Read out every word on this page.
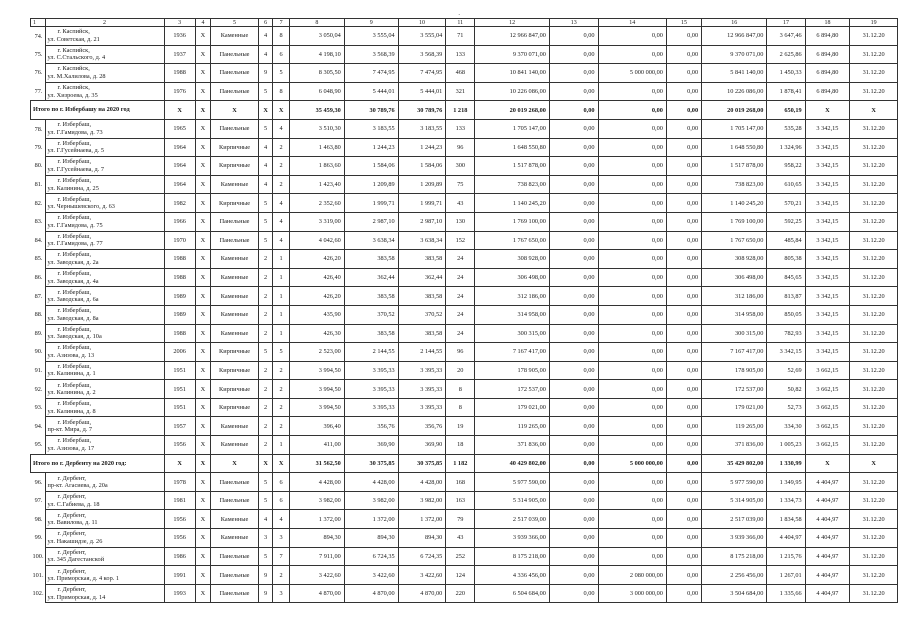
·
1	2	3	4	5	6	7	8	9	10	11	12	13	14	15	16	17	18	19
74.	г. Каспийск,
ул. Советская, д. 21	1936	X	Каменные	4	8	3 050,04	3 555,04	3 555,04	71	12 966 847,00	0,00	0,00	0,00	12 966 847,00	3 647,46	6 894,80	31.12.20
75.	г. Каспийск,
ул. С.Стальского, д. 4	1937	X	Панельные	4	6	4 198,10	3 568,39	3 568,39	133	9 370 071,00	0,00	0,00	0,00	9 370 071,00	2 625,86	6 894,80	31.12.20
76.	г. Каспийск,
ул. М.Халилова, д. 28	1988	X	Панельные	9	5	8 305,50	7 474,95	7 474,95	468	10 841 140,00	0,00	5 000 000,00	0,00	5 841 140,00	1 450,33	6 894,80	31.12.20
77.	г. Каспийск,
ул. Хизроева, д. 35	1976	X	Панельные	5	8	6 048,90	5 444,01	5 444,01	321	10 226 086,00	0,00	0,00	0,00	10 226 086,00	1 878,41	6 894,80	31.12.20
Итого по г. Избербашу на 2020 год		X	X	X	X	X	35 459,30	30 789,76	30 789,76	1 218	20 019 268,00	0,00	0,00	0,00	20 019 268,00	650,19	X	X
78.	г. Избербаш,
ул. Г.Гамидова, д. 73	1965	X	Панельные	5	4	3 510,30	3 183,55	3 183,55	133	1 705 147,00	0,00	0,00	0,00	1 705 147,00	535,28	3 342,15	31.12.20
79.	г. Избербаш,
ул. Г.Гусейнаева, д. 5	1964	X	Кирпичные	4	2	1 463,80	1 244,23	1 244,23	96	1 648 550,80	0,00	0,00	0,00	1 648 550,80	1 324,96	3 342,15	31.12.20
80.	г. Избербаш,
ул. Г.Гусейнаева, д. 7	1964	X	Кирпичные	4	2	1 863,60	1 584,06	1 584,06	300	1 517 878,00	0,00	0,00	0,00	1 517 878,00	958,22	3 342,15	31.12.20
81.	г. Избербаш,
ул. Калинина, д. 25	1964	X	Каменные	4	2	1 423,40	1 209,89	1 209,89	75	738 823,00	0,00	0,00	0,00	738 823,00	610,65	3 342,15	31.12.20
82.	г. Избербаш,
ул. Чернышевского, д. 63	1982	X	Кирпичные	5	4	2 352,60	1 999,71	1 999,71	43	1 140 245,20	0,00	0,00	0,00	1 140 245,20	570,21	3 342,15	31.12.20
83.	г. Избербаш,
ул. Г.Гамидова, д. 75	1966	X	Панельные	5	4	3 319,00	2 987,10	2 987,10	130	1 769 100,00	0,00	0,00	0,00	1 769 100,00	592,25	3 342,15	31.12.20
84.	г. Избербаш,
ул. Г.Гамидова, д. 77	1970	X	Панельные	5	4	4 042,60	3 638,34	3 638,34	152	1 767 650,00	0,00	0,00	0,00	1 767 650,00	485,84	3 342,15	31.12.20
85.	г. Избербаш,
ул. Заводская, д. 2а	1988	X	Каменные	2	1	426,20	383,58	383,58	24	308 928,00	0,00	0,00	0,00	308 928,00	805,38	3 342,15	31.12.20
86.	г. Избербаш,
ул. Заводская, д. 4а	1988	X	Каменные	2	1	426,40	362,44	362,44	24	306 498,00	0,00	0,00	0,00	306 498,00	845,65	3 342,15	31.12.20
87.	г. Избербаш,
ул. Заводская, д. 6а	1989	X	Каменные	2	1	426,20	383,58	383,58	24	312 186,00	0,00	0,00	0,00	312 186,00	813,87	3 342,15	31.12.20
88.	г. Избербаш,
ул. Заводская, д. 8а	1989	X	Каменные	2	1	435,90	370,52	370,52	24	314 958,00	0,00	0,00	0,00	314 958,00	850,05	3 342,15	31.12.20
89.	г. Избербаш,
ул. Заводская, д. 10а	1988	X	Каменные	2	1	426,30	383,58	383,58	24	300 315,00	0,00	0,00	0,00	300 315,00	782,93	3 342,15	31.12.20
90.	г. Избербаш,
ул. Азизова, д. 13	2006	X	Кирпичные	5	5	2 523,00	2 144,55	2 144,55	96	7 167 417,00	0,00	0,00	0,00	7 167 417,00	3 342,15	3 342,15	31.12.20
91.	г. Избербаш,
ул. Калинина, д. 1	1951	X	Кирпичные	2	2	3 994,50	3 395,33	3 395,33	20	178 905,00	0,00	0,00	0,00	178 905,00	52,69	3 662,15	31.12.20
92.	г. Избербаш,
ул. Калинина, д. 2	1951	X	Кирпичные	2	2	3 994,50	3 395,33	3 395,33	8	172 537,00	0,00	0,00	0,00	172 537,00	50,82	3 662,15	31.12.20
93.	г. Избербаш,
ул. Калинина, д. 8	1951	X	Кирпичные	2	2	3 994,50	3 395,33	3 395,33	8	179 021,00	0,00	0,00	0,00	179 021,00	52,73	3 662,15	31.12.20
94.	г. Избербаш,
пр-кт. Мира, д. 7	1957	X	Каменные	2	2	396,40	356,76	356,76	19	119 265,00	0,00	0,00	0,00	119 265,00	334,30	3 662,15	31.12.20
95.	г. Избербаш,
ул. Азизова, д. 17	1956	X	Каменные	2	1	411,00	369,90	369,90	18	371 836,00	0,00	0,00	0,00	371 836,00	1 005,23	3 662,15	31.12.20
Итого по г. Дербенту на 2020 год:		X	X	X	X	X	31 562,50	30 375,85	30 375,85	1 182	40 429 802,00	0,00	5 000 000,00	0,00	35 429 802,00	1 330,99	X	X
96.	г. Дербент,
пр-кт. Агасиева, д. 20а	1978	X	Панельные	5	6	4 428,00	4 428,00	4 428,00	168	5 977 590,00	0,00	0,00	0,00	5 977 590,00	1 349,95	4 404,97	31.12.20
97.	г. Дербент,
ул. С.Габиева, д. 18	1981	X	Панельные	5	6	3 982,00	3 982,00	3 982,00	163	5 314 905,00	0,00	0,00	0,00	5 314 905,00	1 334,73	4 404,97	31.12.20
98.	г. Дербент,
ул. Вавилова, д. 11	1956	X	Каменные	4	4	1 372,00	1 372,00	1 372,00	79	2 517 039,00	0,00	0,00	0,00	2 517 039,00	1 834,58	4 404,97	31.12.20
99.	г. Дербент,
ул. Накашидзе, д. 26	1956	X	Каменные	3	3	894,30	894,30	894,30	43	3 939 366,00	0,00	0,00	0,00	3 939 366,00	4 404,97	4 404,97	31.12.20
100.	г. Дербент,
ул. 345 Дагестанской	1986	X	Панельные	5	7	7 911,00	6 724,35	6 724,35	252	8 175 218,00	0,00	0,00	0,00	8 175 218,00	1 215,76	4 404,97	31.12.20
101.	г. Дербент,
ул. Приморская, д. 4 кор. 1	1991	X	Панельные	9	2	3 422,60	3 422,60	3 422,60	124	4 336 456,00	0,00	2 080 000,00	0,00	2 256 456,00	1 267,01	4 404,97	31.12.20
102.	г. Дербент,
ул. Приморская, д. 14	1993	X	Панельные	9	3	4 870,00	4 870,00	4 870,00	220	6 504 684,00	0,00	3 000 000,00	0,00	3 504 684,00	1 335,66	4 404,97	31.12.20
